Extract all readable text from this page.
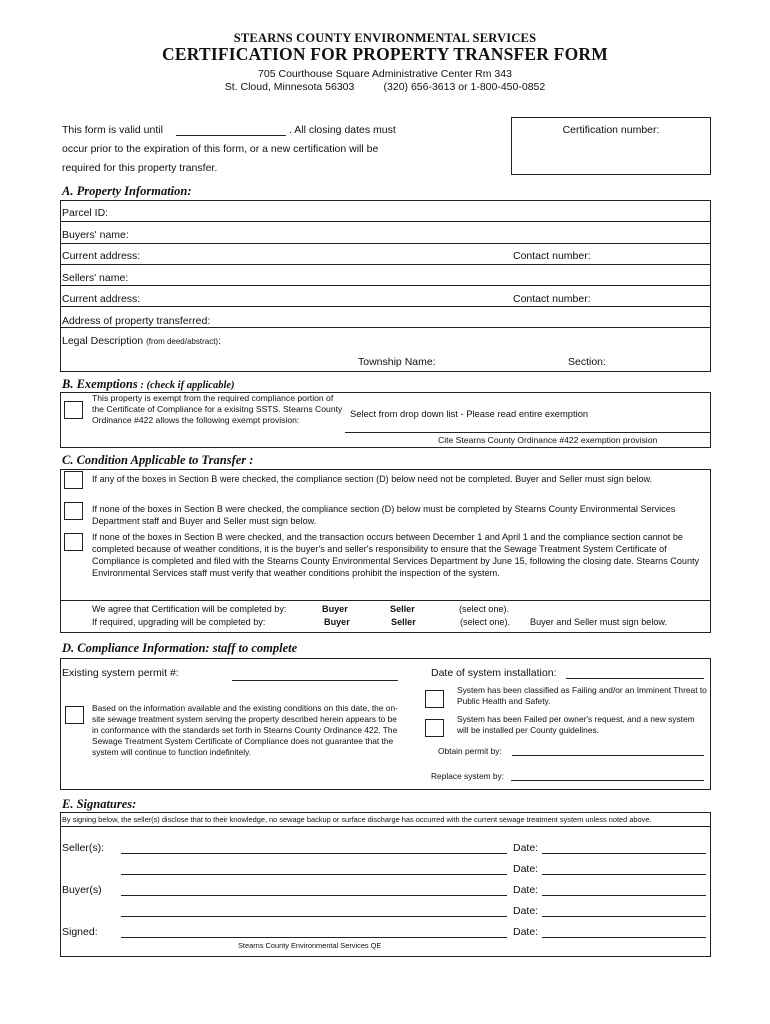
STEARNS COUNTY ENVIRONMENTAL SERVICES
CERTIFICATION FOR PROPERTY TRANSFER FORM
705 Courthouse Square Administrative Center Rm 343
St. Cloud, Minnesota 56303          (320) 656-3613 or 1-800-450-0852
This form is valid until	. All closing dates must
occur prior to the expiration of this form, or a new certification will be
required for this property transfer.
Certification number:
A. Property Information:
Parcel ID:
Buyers' name:
Current address:	Contact number:
Sellers' name:
Current address:	Contact number:
Address of property transferred:
Legal Description (from deed/abstract):
Township Name:	Section:
B. Exemptions : (check if applicable)
This property is exempt from the required compliance portion of the Certificate of Compliance for a exisitng SSTS. Stearns County Ordinance #422 allows the following exempt provision:
Select from drop down list - Please read entire exemption
Cite Stearns County Ordinance #422 exemption provision
C. Condition Applicable to Transfer :
If any of the boxes in Section B were checked, the compliance section (D) below need not be completed. Buyer and Seller must sign below.
If none of the boxes in Section B were checked, the compliance section (D) below must be completed by Stearns County Environmental Services Department staff and Buyer and Seller must sign below.
If none of the boxes in Section B were checked, and the transaction occurs between December 1 and April 1 and the compliance section cannot be completed because of weather conditions, it is the buyer's and seller's responsibility to ensure that the Sewage Treatment System Certificate of Compliance is completed and filed with the Stearns County Environmental Services Department by June 15, following the closing date. Stearns County Environmental Services staff must verify that weather conditions prohibit the inspection of the system.
We agree that Certification will be completed by:	Buyer	Seller	(select one).
If required, upgrading will be completed by:	Buyer	Seller	(select one). Buyer and Seller must sign below.
D. Compliance Information: staff to complete
Existing system permit #:	Date of system installation:
Based on the information available and the existing conditions on this date, the on-site sewage treatment system serving the property described herein appears to be in conformance with the standards set forth in Stearns County Ordinance 422. The Sewage Treatment System Certificate of Compliance does not guarantee that the system will continue to function indefinitely.
System has been classified as Failing and/or an Imminent Threat to Public Health and Safety.
System has been Failed per owner's request, and a new system will be installed per County guidelines.
Obtain permit by:
Replace system by:
E. Signatures:
By signing below, the seller(s) disclose that to their knowledge, no sewage backup or surface discharge has occurred with the current sewage treatment system unless noted above.
Seller(s):	Date:
Date:
Buyer(s)	Date:
Date:
Signed:	Date:
Stearns County Environmental Services QE
